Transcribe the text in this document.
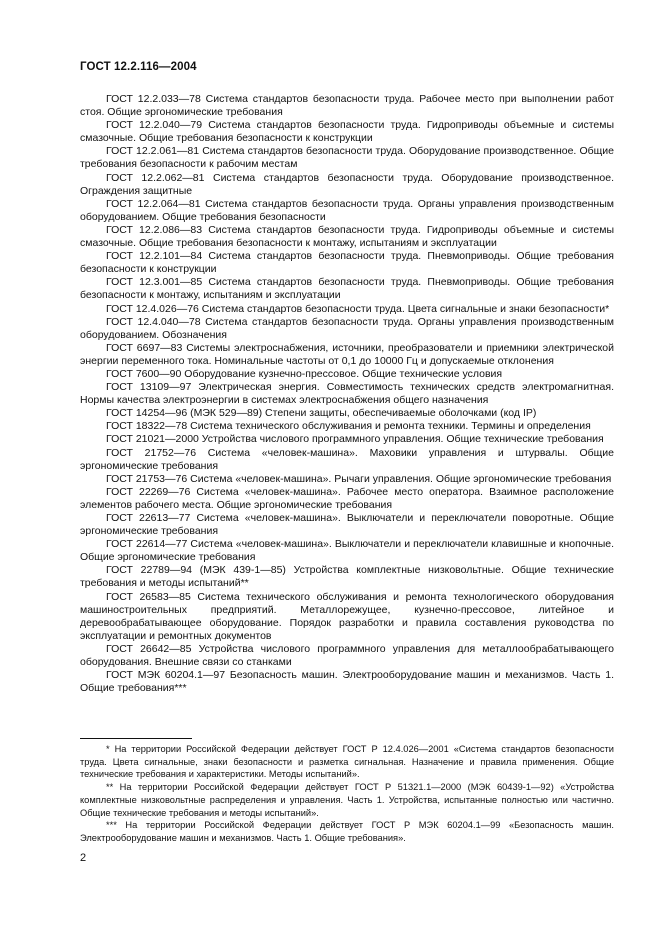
ГОСТ 12.2.116—2004

ГОСТ 12.2.033—78 Система стандартов безопасности труда. Рабочее место при выполнении работ стоя. Общие эргономические требования

ГОСТ 12.2.040—79 Система стандартов безопасности труда. Гидроприводы объемные и системы смазочные. Общие требования безопасности к конструкции

ГОСТ 12.2.061—81 Система стандартов безопасности труда. Оборудование производственное. Общие требования безопасности к рабочим местам

ГОСТ 12.2.062—81 Система стандартов безопасности труда. Оборудование производственное. Ограждения защитные

ГОСТ 12.2.064—81 Система стандартов безопасности труда. Органы управления производственным оборудованием. Общие требования безопасности

ГОСТ 12.2.086—83 Система стандартов безопасности труда. Гидроприводы объемные и системы смазочные. Общие требования безопасности к монтажу, испытаниям и эксплуатации

ГОСТ 12.2.101—84 Система стандартов безопасности труда. Пневмоприводы. Общие требования безопасности к конструкции

ГОСТ 12.3.001—85 Система стандартов безопасности труда. Пневмоприводы. Общие требования безопасности к монтажу, испытаниям и эксплуатации

ГОСТ 12.4.026—76 Система стандартов безопасности труда. Цвета сигнальные и знаки безопасности*

ГОСТ 12.4.040—78 Система стандартов безопасности труда. Органы управления производственным оборудованием. Обозначения

ГОСТ 6697—83 Системы электроснабжения, источники, преобразователи и приемники электрической энергии переменного тока. Номинальные частоты от 0,1 до 10000 Гц и допускаемые отклонения

ГОСТ 7600—90 Оборудование кузнечно-прессовое. Общие технические условия

ГОСТ 13109—97 Электрическая энергия. Совместимость технических средств электромагнитная. Нормы качества электроэнергии в системах электроснабжения общего назначения

ГОСТ 14254—96 (МЭК 529—89) Степени защиты, обеспечиваемые оболочками (код IP)

ГОСТ 18322—78 Система технического обслуживания и ремонта техники. Термины и определения

ГОСТ 21021—2000 Устройства числового программного управления. Общие технические требования

ГОСТ 21752—76 Система «человек-машина». Маховики управления и штурвалы. Общие эргономические требования

ГОСТ 21753—76 Система «человек-машина». Рычаги управления. Общие эргономические требования

ГОСТ 22269—76 Система «человек-машина». Рабочее место оператора. Взаимное расположение элементов рабочего места. Общие эргономические требования

ГОСТ 22613—77 Система «человек-машина». Выключатели и переключатели поворотные. Общие эргономические требования

ГОСТ 22614—77 Система «человек-машина». Выключатели и переключатели клавишные и кнопочные. Общие эргономические требования

ГОСТ 22789—94 (МЭК 439-1—85) Устройства комплектные низковольтные. Общие технические требования и методы испытаний**

ГОСТ 26583—85 Система технического обслуживания и ремонта технологического оборудования машиностроительных предприятий. Металлорежущее, кузнечно-прессовое, литейное и деревообрабатывающее оборудование. Порядок разработки и правила составления руководства по эксплуатации и ремонтных документов

ГОСТ 26642—85 Устройства числового программного управления для металлообрабатывающего оборудования. Внешние связи со станками

ГОСТ МЭК 60204.1—97 Безопасность машин. Электрооборудование машин и механизмов. Часть 1. Общие требования***

* На территории Российской Федерации действует ГОСТ Р 12.4.026—2001 «Система стандартов безопасности труда. Цвета сигнальные, знаки безопасности и разметка сигнальная. Назначение и правила применения. Общие технические требования и характеристики. Методы испытаний».

** На территории Российской Федерации действует ГОСТ Р 51321.1—2000 (МЭК 60439-1—92) «Устройства комплектные низковольтные распределения и управления. Часть 1. Устройства, испытанные полностью или частично. Общие технические требования и методы испытаний».

*** На территории Российской Федерации действует ГОСТ Р МЭК 60204.1—99 «Безопасность машин. Электрооборудование машин и механизмов. Часть 1. Общие требования».

2
